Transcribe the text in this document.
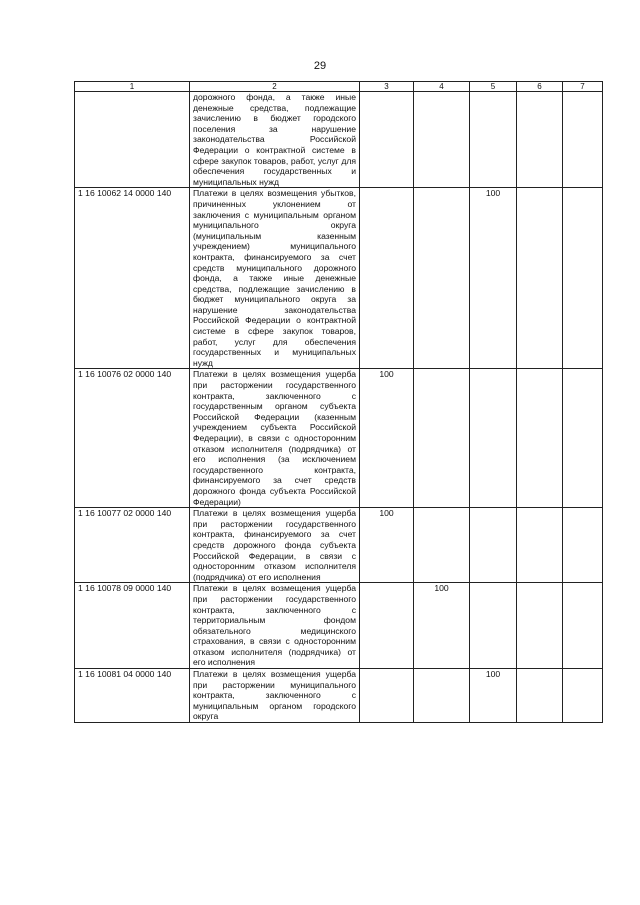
29
1	2	3	4	5	6	7
	дорожного фонда, а также иные денежные средства, подлежащие зачислению в бюджет городского поселения за нарушение законодательства Российской Федерации о контрактной системе в сфере закупок товаров, работ, услуг для обеспечения государственных и муниципальных нужд					
1 16 10062 14 0000 140	Платежи в целях возмещения убытков, причиненных уклонением от заключения с муниципальным органом муниципального округа (муниципальным казенным учреждением) муниципального контракта, финансируемого за счет средств муниципального дорожного фонда, а также иные денежные средства, подлежащие зачислению в бюджет муниципального округа за нарушение законодательства Российской Федерации о контрактной системе в сфере закупок товаров, работ, услуг для обеспечения государственных и муниципальных нужд			100		
1 16 10076 02 0000 140	Платежи в целях возмещения ущерба при расторжении государственного контракта, заключенного с государственным органом субъекта Российской Федерации (казенным учреждением субъекта Российской Федерации), в связи с односторонним отказом исполнителя (подрядчика) от его исполнения (за исключением государственного контракта, финансируемого за счет средств дорожного фонда субъекта Российской Федерации)	100				
1 16 10077 02 0000 140	Платежи в целях возмещения ущерба при расторжении государственного контракта, финансируемого за счет средств дорожного фонда субъекта Российской Федерации, в связи с односторонним отказом исполнителя (подрядчика) от его исполнения	100				
1 16 10078 09 0000 140	Платежи в целях возмещения ущерба при расторжении государственного контракта, заключенного с территориальным фондом обязательного медицинского страхования, в связи с односторонним отказом исполнителя (подрядчика) от его исполнения		100			
1 16 10081 04 0000 140	Платежи в целях возмещения ущерба при расторжении муниципального контракта, заключенного с муниципальным органом городского округа			100		
